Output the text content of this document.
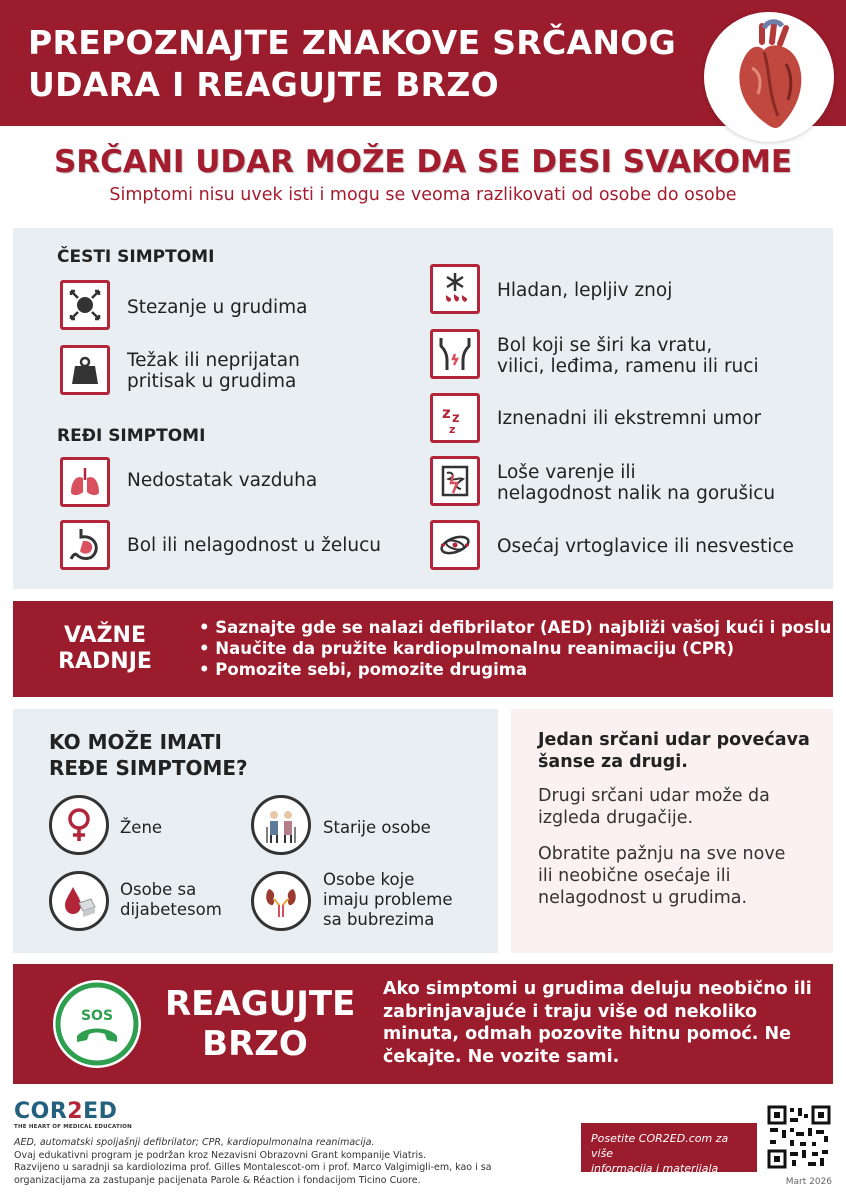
PREPOZNAJTE ZNAKOVE SRČANOG
UDARA I REAGUJTE BRZO
SRČANI UDAR MOŽE DA SE DESI SVAKOME
Simptomi nisu uvek isti i mogu se veoma razlikovati od osobe do osobe
ČESTI SIMPTOMI
Stezanje u grudima
Težak ili neprijatan
pritisak u grudima
REĐI SIMPTOMI
Nedostatak vazduha
Bol ili nelagodnost u želucu
Hladan, lepljiv znoj
Bol koji se širi ka vratu,
vilici, leđima, ramenu ili ruci
z z
z
Iznenadni ili ekstremni umor
Loše varenje ili
nelagodnost nalik na gorušicu
Osećaj vrtoglavice ili nesvestice
VAŽNE
RADNJE
• Saznajte gde se nalazi defibrilator (AED) najbliži vašoj kući i poslu
• Naučite da pružite kardiopulmonalnu reanimaciju (CPR)
• Pomozite sebi, pomozite drugima
KO MOŽE IMATI
REĐE SIMPTOME?
Žene	Starije osobe
Osobe sa
dijabetesom
Osobe koje
imaju probleme
sa bubrezima
Jedan srčani udar povećava
šanse za drugi.
Drugi srčani udar može da
izgleda drugačije.
Obratite pažnju na sve nove
ili neobične osećaje ili
nelagodnost u grudima.
SOS REAGUJTE
BRZO
Ako simptomi u grudima deluju neobično ili zabrinjavajuće i traju više od nekoliko minuta, odmah pozovite hitnu pomoć. Ne čekajte. Ne vozite sami.
COR2ED
THE HEART OF MEDICAL EDUCATION
AED, automatski spoljašnji defibrilator; CPR, kardiopulmonalna reanimacija.
Ovaj edukativni program je podržan kroz Nezavisni Obrazovni Grant kompanije Viatris.
Razvijeno u saradnji sa kardiolozima prof. Gilles Montalescot-om i prof. Marco Valgimigli-em, kao i sa
organizacijama za zastupanje pacijenata Parole & Réaction i fondacijom Ticino Cuore.
Posetite COR2ED.com za više
informacija i materijala
Mart 2026
